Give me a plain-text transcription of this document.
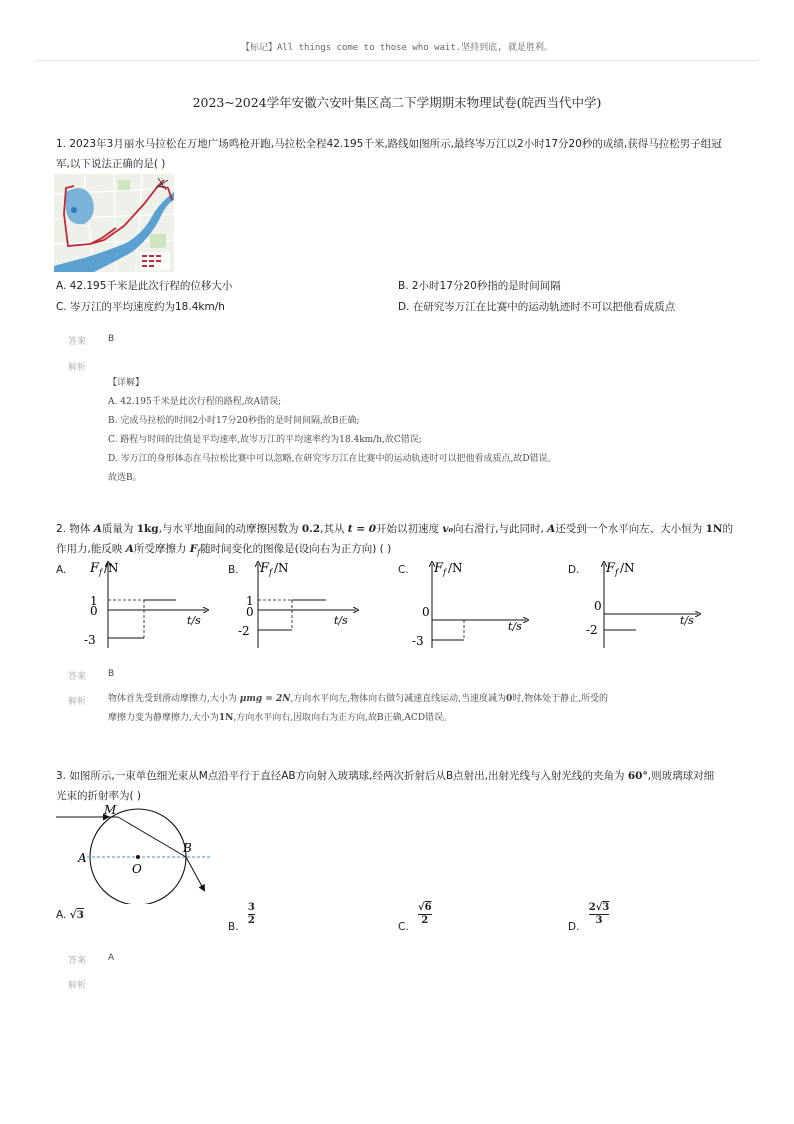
【标记】All things come to those who wait.坚持到底, 就是胜利。
2023~2024学年安徽六安叶集区高二下学期期末物理试卷(皖西当代中学)
1. 2023年3月丽水马拉松在万地广场鸣枪开跑,马拉松全程42.195千米,路线如图所示,最终岑万江以2小时17分20秒的成绩,获得马拉松男子组冠
军,以下说法正确的是( )
A. 42.195千米是此次行程的位移大小	B. 2小时17分20秒指的是时间间隔
C. 岑万江的平均速度约为18.4km/h	D. 在研究岑万江在比赛中的运动轨迹时不可以把他看成质点
答案 B
解析
【详解】
A. 42.195千米是此次行程的路程,故A错误;
B. 完成马拉松的时间2小时17分20秒指的是时间间隔,故B正确;
C. 路程与时间的比值是平均速率,故岑万江的平均速率约为18.4km/h,故C错误;
D. 岑万江的身形体态在马拉松比赛中可以忽略,在研究岑万江在比赛中的运动轨迹时可以把他看成质点,故D错误。
故选B。
2. 物体 A质量为 1kg,与水平地面间的动摩擦因数为 0.2,其从 t = 0开始以初速度 v₀向右滑行,与此同时, A还受到一个水平向左、大小恒为 1N的
作用力,能反映 A所受摩擦力 $F_f$随时间变化的图像是(设向右为正方向) ( )
A. F f /N
1
0
-3
t/s
B. F f /N
1
0
-2
t/s
C. F f /N
0
-3
t/s
D. F f /N
0
-2
t/s
答案 B
解析 物体首先受到滑动摩擦力,大小为 μmg = 2N,方向水平向左,物体向右做匀减速直线运动,当速度减为0时,物体处于静止,所受的
摩擦力变为静摩擦力,大小为1N,方向水平向右,因取向右为正方向,故B正确,ACD错误。
3. 如图所示,一束单色细光束从M点沿平行于直径AB方向射入玻璃球,经两次折射后从B点射出,出射光线与入射光线的夹角为 60°,则玻璃球对细
光束的折射率为( )
M
A
O
B
A. √3
B. $\frac{3}{2}$	C. $\frac{√6}{2}$	D. $\frac{2√3}{3}$
答案 A
解析
